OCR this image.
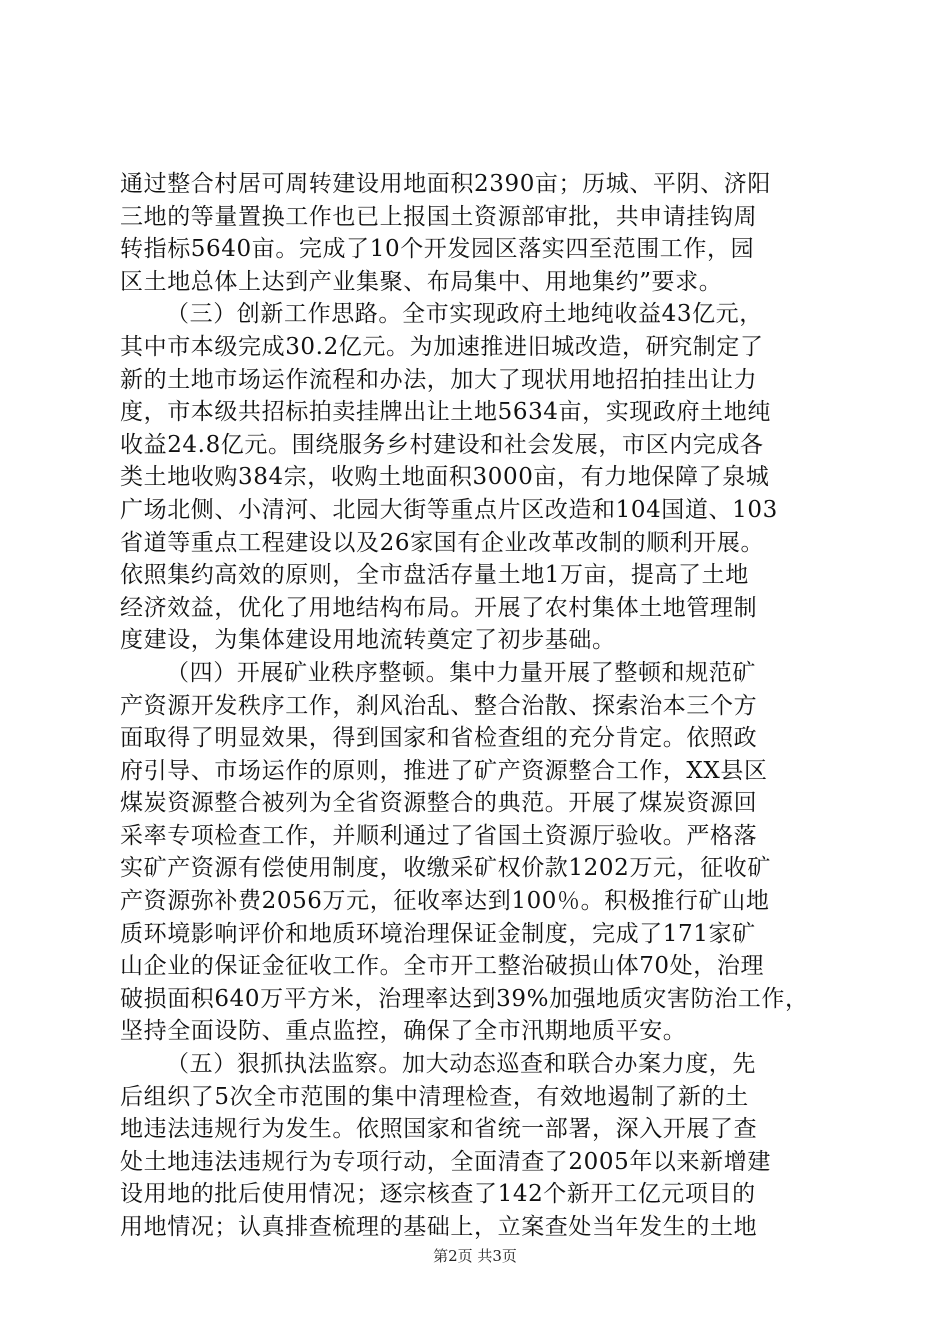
通过整合村居可周转建设用地面积2390亩；历城、平阴、济阳
三地的等量置换工作也已上报国土资源部审批，共申请挂钩周
转指标5640亩。完成了10个开发园区落实四至范围工作，园
区土地总体上达到产业集聚、布局集中、用地集约”要求。
（三）创新工作思路。全市实现政府土地纯收益43亿元，
其中市本级完成30.2亿元。为加速推进旧城改造，研究制定了
新的土地市场运作流程和办法，加大了现状用地招拍挂出让力
度，市本级共招标拍卖挂牌出让土地5634亩，实现政府土地纯
收益24.8亿元。围绕服务乡村建设和社会发展，市区内完成各
类土地收购384宗，收购土地面积3000亩，有力地保障了泉城
广场北侧、小清河、北园大街等重点片区改造和104国道、103
省道等重点工程建设以及26家国有企业改革改制的顺利开展。
依照集约高效的原则，全市盘活存量土地1万亩，提高了土地
经济效益，优化了用地结构布局。开展了农村集体土地管理制
度建设，为集体建设用地流转奠定了初步基础。
（四）开展矿业秩序整顿。集中力量开展了整顿和规范矿
产资源开发秩序工作，刹风治乱、整合治散、探索治本三个方
面取得了明显效果，得到国家和省检查组的充分肯定。依照政
府引导、市场运作的原则，推进了矿产资源整合工作，XX县区
煤炭资源整合被列为全省资源整合的典范。开展了煤炭资源回
采率专项检查工作，并顺利通过了省国土资源厅验收。严格落
实矿产资源有偿使用制度，收缴采矿权价款1202万元，征收矿
产资源弥补费2056万元，征收率达到100％。积极推行矿山地
质环境影响评价和地质环境治理保证金制度，完成了171家矿
山企业的保证金征收工作。全市开工整治破损山体70处，治理
破损面积640万平方米，治理率达到39%加强地质灾害防治工作，
坚持全面设防、重点监控，确保了全市汛期地质平安。
（五）狠抓执法监察。加大动态巡查和联合办案力度，先
后组织了5次全市范围的集中清理检查，有效地遏制了新的土
地违法违规行为发生。依照国家和省统一部署，深入开展了查
处土地违法违规行为专项行动，全面清查了2005年以来新增建
设用地的批后使用情况；逐宗核查了142个新开工亿元项目的
用地情况；认真排查梳理的基础上，立案查处当年发生的土地
第2页 共3页
